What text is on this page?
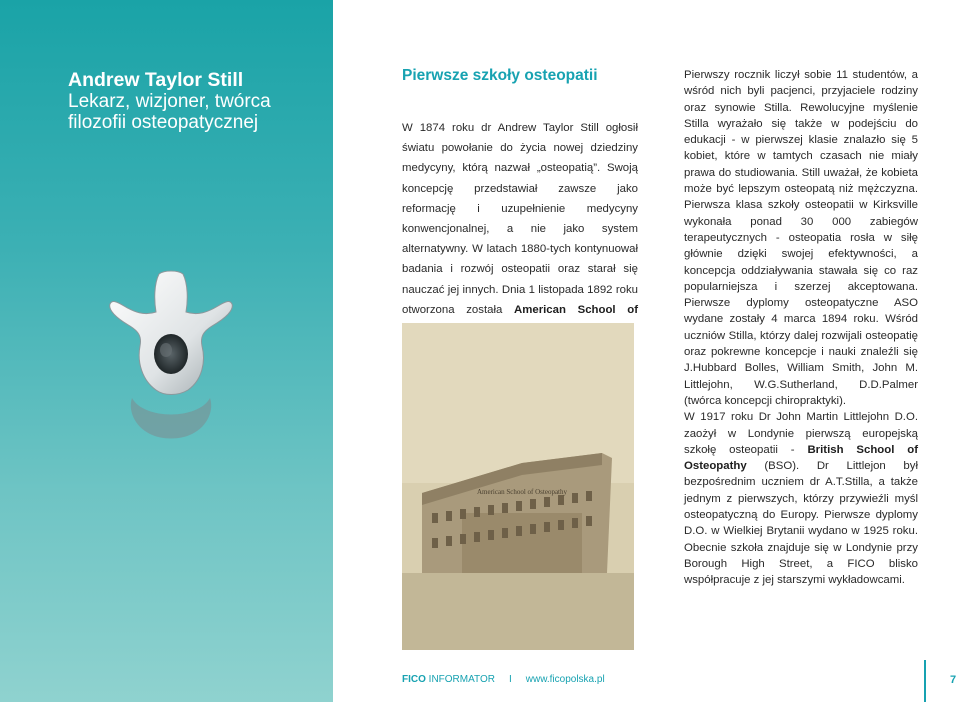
Andrew Taylor Still
Lekarz, wizjoner, twórca filozofii osteopatycznej
Pierwsze szkoły osteopatii

W 1874 roku dr Andrew Taylor Still ogłosił światu powołanie do życia nowej dziedziny medycyny, którą nazwał „osteopatią”. Swoją koncepcję przedstawiał zawsze jako reformację i uzupełnienie medycyny konwencjonalnej, a nie jako system alternatywny. W latach 1880-tych kontynuował badania i rozwój osteopatii oraz starał się nauczać jej innych. Dnia 1 listopada 1892 roku otworzona została American School of

American School of Osteopathy

Pierwszy rocznik liczył sobie 11 studentów, a wśród nich byli pacjenci, przyjaciele rodziny oraz synowie Stilla. Rewolucyjne myślenie Stilla wyrażało się także w podejściu do edukacji - w pierwszej klasie znalazło się 5 kobiet, które w tamtych czasach nie miały prawa do studiowania. Still uważał, że kobieta może być lepszym osteopatą niż mężczyzna. Pierwsza klasa szkoły osteopatii w Kirksville wykonała ponad 30 000 zabiegów terapeutycznych - osteopatia rosła w siłę głównie dzięki swojej efektywności, a koncepcja oddziaływania stawała się co raz popularniejsza i szerzej akceptowana. Pierwsze dyplomy osteopatyczne ASO wydane zostały 4 marca 1894 roku. Wśród uczniów Stilla, którzy dalej rozwijali osteopatię oraz pokrewne koncepcje i nauki znaleźli się J.Hubbard Bolles, William Smith, John M. Littlejohn, W.G.Sutherland, D.D.Palmer (twórca koncepcji chiropraktyki).

W 1917 roku Dr John Martin Littlejohn D.O. zaożył w Londynie pierwszą europejską szkołę osteopatii - British School of Osteopathy (BSO). Dr Littlejon był bezpośrednim uczniem dr A.T.Stilla, a także jednym z pierwszych, którzy przywieźli myśl osteopatyczną do Europy. Pierwsze dyplomy D.O. w Wielkiej Brytanii wydano w 1925 roku. Obecnie szkoła znajduje się w Londynie przy Borough High Street, a FICO blisko współpracuje z jej starszymi wykładowcami.

FICO INFORMATOR I www.ficopolska.pl	7
